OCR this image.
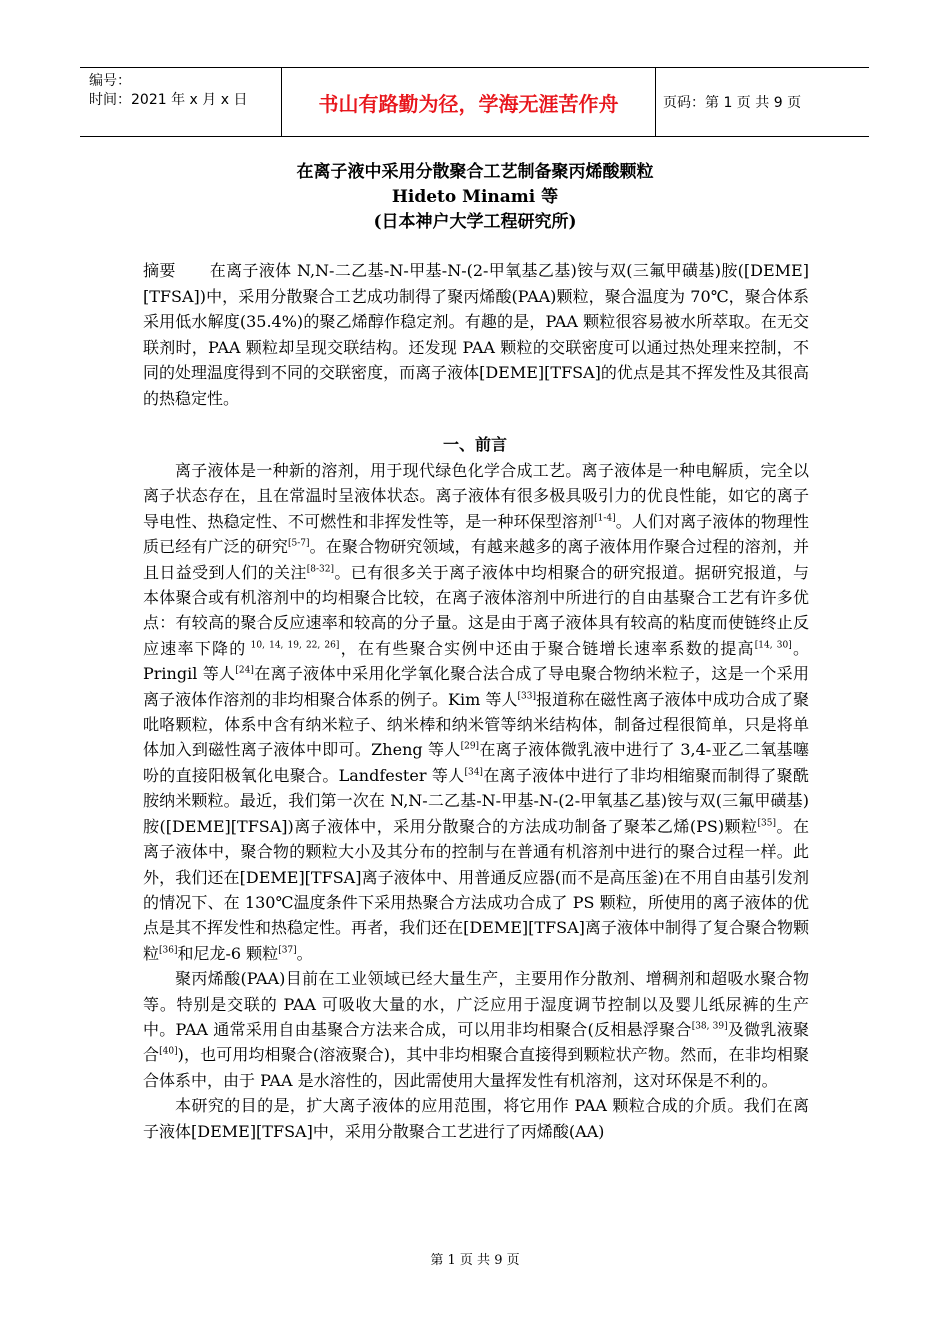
编号：
时间：2021 年 x 月 x 日	书山有路勤为径，学海无涯苦作舟	页码：第 1 页 共 9 页
在离子液中采用分散聚合工艺制备聚丙烯酸颗粒
Hideto Minami 等
(日本神户大学工程研究所)
摘要 在离子液体 N,N-二乙基-N-甲基-N-(2-甲氧基乙基)铵与双(三氟甲磺基)胺([DEME][TFSA])中，采用分散聚合工艺成功制得了聚丙烯酸(PAA)颗粒，聚合温度为 70℃，聚合体系采用低水解度(35.4%)的聚乙烯醇作稳定剂。有趣的是，PAA 颗粒很容易被水所萃取。在无交联剂时，PAA 颗粒却呈现交联结构。还发现 PAA 颗粒的交联密度可以通过热处理来控制，不同的处理温度得到不同的交联密度，而离子液体[DEME][TFSA]的优点是其不挥发性及其很高的热稳定性。
一、前言

离子液体是一种新的溶剂，用于现代绿色化学合成工艺。离子液体是一种电解质，完全以离子状态存在，且在常温时呈液体状态。离子液体有很多极具吸引力的优良性能，如它的离子导电性、热稳定性、不可燃性和非挥发性等，是一种环保型溶剂[1-4]。人们对离子液体的物理性质已经有广泛的研究[5-7]。在聚合物研究领域，有越来越多的离子液体用作聚合过程的溶剂，并且日益受到人们的关注[8-32]。已有很多关于离子液体中均相聚合的研究报道。据研究报道，与本体聚合或有机溶剂中的均相聚合比较，在离子液体溶剂中所进行的自由基聚合工艺有许多优点：有较高的聚合反应速率和较高的分子量。这是由于离子液体具有较高的粘度而使链终止反应速率下降的 $^{10, 14, 19, 22, 26]}$，在有些聚合实例中还由于聚合链增长速率系数的提高[14, 30]。Pringil 等人[24]在离子液体中采用化学氧化聚合法合成了导电聚合物纳米粒子，这是一个采用离子液体作溶剂的非均相聚合体系的例子。Kim 等人[33]报道称在磁性离子液体中成功合成了聚吡咯颗粒，体系中含有纳米粒子、纳米棒和纳米管等纳米结构体，制备过程很简单，只是将单体加入到磁性离子液体中即可。Zheng 等人[29]在离子液体微乳液中进行了 3,4-亚乙二氧基噻吩的直接阳极氧化电聚合。Landfester 等人[34]在离子液体中进行了非均相缩聚而制得了聚酰胺纳米颗粒。最近，我们第一次在 N,N-二乙基-N-甲基-N-(2-甲氧基乙基)铵与双(三氟甲磺基)胺([DEME][TFSA])离子液体中，采用分散聚合的方法成功制备了聚苯乙烯(PS)颗粒[35]。在离子液体中，聚合物的颗粒大小及其分布的控制与在普通有机溶剂中进行的聚合过程一样。此外，我们还在[DEME][TFSA]离子液体中、用普通反应器(而不是高压釜)在不用自由基引发剂的情况下、在 130℃温度条件下采用热聚合方法成功合成了 PS 颗粒，所使用的离子液体的优点是其不挥发性和热稳定性。再者，我们还在[DEME][TFSA]离子液体中制得了复合聚合物颗粒[36]和尼龙-6 颗粒[37]。

聚丙烯酸(PAA)目前在工业领域已经大量生产，主要用作分散剂、增稠剂和超吸水聚合物等。特别是交联的 PAA 可吸收大量的水，广泛应用于湿度调节控制以及婴儿纸尿裤的生产中。PAA 通常采用自由基聚合方法来合成，可以用非均相聚合(反相悬浮聚合[38, 39]及微乳液聚合[40])，也可用均相聚合(溶液聚合)，其中非均相聚合直接得到颗粒状产物。然而，在非均相聚合体系中，由于 PAA 是水溶性的，因此需使用大量挥发性有机溶剂，这对环保是不利的。

本研究的目的是，扩大离子液体的应用范围，将它用作 PAA 颗粒合成的介质。我们在离子液体[DEME][TFSA]中，采用分散聚合工艺进行了丙烯酸(AA)

第 1 页 共 9 页
